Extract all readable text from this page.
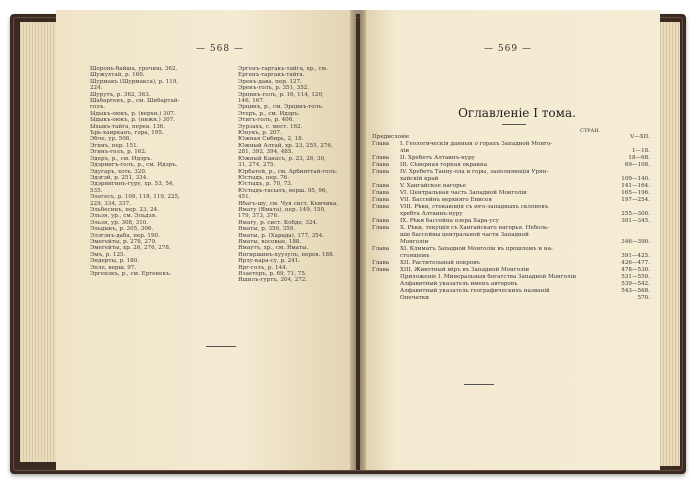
— 568 —
Шоронъ-байша, урочищ. 362.
Шужухтай, р. 160.
Шурмакъ (Шурмакса), р. 119,
224.
Шурутъ, р. 362, 363.
Шабаргенъ, р., см. Шибартай-
голъ.
Ыдыкъ-оюкъ, р. (верхн.) 307.
Ыдыкъ-оюкъ, р. (нижн.) 307.
Ыхыкъ-тайга, перев. 136.
Ърь-хаирканъ, гора, 195.
Эбче, ур. 508.
Эгинъ, пер. 151.
Эгинъ-голъ, р. 162.
Эдеръ, р., см. Идэръ.
Эдэрингъ-голъ, р., см. Идэръ.
Эдугаръ, хоть. 320.
Эдэгэй, р. 251, 334.
Эдэрингинъ-гуру, хр. 53, 54,
535.
Элегесъ, р. 109, 118, 119, 225,
229, 334, 337.
Эльбесинъ, пер. 23, 24.
Эльзя, ур., см. Эльдзя.
Эльзя, ур. 308, 310.
Эльдыкъ, р. 305, 306.
Элэгэнъ-даба, пер. 190.
Эмегейты, р. 278, 279.
Эмегейты, хр. 26, 276, 278.
Эмъ, р. 125.
Эндерты, р. 180.
Эпле, верш. 97.
Эргенэкъ, р., см. Ергенекъ.
Эргенъ-таргакъ-тайга, хр., см.
Ергенъ-таргакъ-тайга.
Эренъ-дава, пер. 127.
Эренъ-голъ, р. 351, 352.
Эрцинъ-голъ, р. 16, 114, 120,
146, 167.
Эрцинъ, р., см. Эрцинъ-голъ.
Этеръ, р., см. Идэръ.
Этигъ-голъ, р. 406.
Эурзахъ, с. мест. 162.
Юнукъ, р. 207.
Южная Сибирь, 2, 18.
Южный Алтай, хр. 23, 255, 276,
281, 392, 394, 485.
Южный Канасъ, р. 23, 26, 30,
31, 274, 275.
Юрбатей, р., см. Арбингтай-голъ.
Юстыдъ, пер. 76.
Юстыдъ, р. 70, 73.
Юстыдъ-тасылъ, верш. 95, 96,
451.
Ябагъ-шу, см. Чуя сист. Кемчика.
Ямату (Ямата), пер. 149, 150,
179, 373, 376.
Ямату, р. сист. Кобдо, 324.
Яматы, р. 350, 359.
Яматы, р. (Харада), 177, 354.
Яматы, восовые, 188.
Ямаутъ, хр., см. Яматы.
Янгиршинъ-хуузулъ, перев. 188.
Ярлу-кара-су, р. 241.
Ярг-голъ, р. 144.
Язаетеръ, р. 69, 71, 75.
Яшилъ-гуртъ, 204, 272.
— 569 —
Оглавленіе I тома.
СТРАН.
Предисловіе	V—XII.
Глава	I. Геологическія данныя о горахъ Западной Монго-
ліи	1—18.
Глава	II. Хребетъ Алтаинъ-нуру	18—68.
Глава	III. Сѣверная горная окраина	69—108.
Глава	IV. Хребетъ Танну-ола и горы, заполняющія Урян-
хайскій край	109—140.
Глава	V. Хангайское нагорье	141—164.
Глава	VI. Центральная часть Западной Монголіи	165—196.
Глава	VII. Бассейнъ верхняго Енисея	197—254.
Глава	VIII. Рѣки, стекающія съ юго-западныхъ склоновъ
хребта Алтаинъ-нуру	255—300.
Глава	IX. Рѣки бассейна озера Хара-усу	301—345.
Глава	X. Рѣки, текущія съ Хангайскаго нагорья. Неболь-
шіе бассейны центральной части Западной
Монголіи	346—390.
Глава	XI. Климатъ Западной Монголіи въ прошломъ и на-
стоящемъ	391—425.
Глава	XII. Растительный покровъ	426—477.
Глава	XIII. Животный міръ въ Западной Монголіи	478—530.
Приложеніе I. Минеральныя богатства Западной Монголіи	531—550.
Алфавитный указатель именъ авторовъ	539—542.
Алфавитный указатель географическихъ названій	543—568.
Опечатки	570.
